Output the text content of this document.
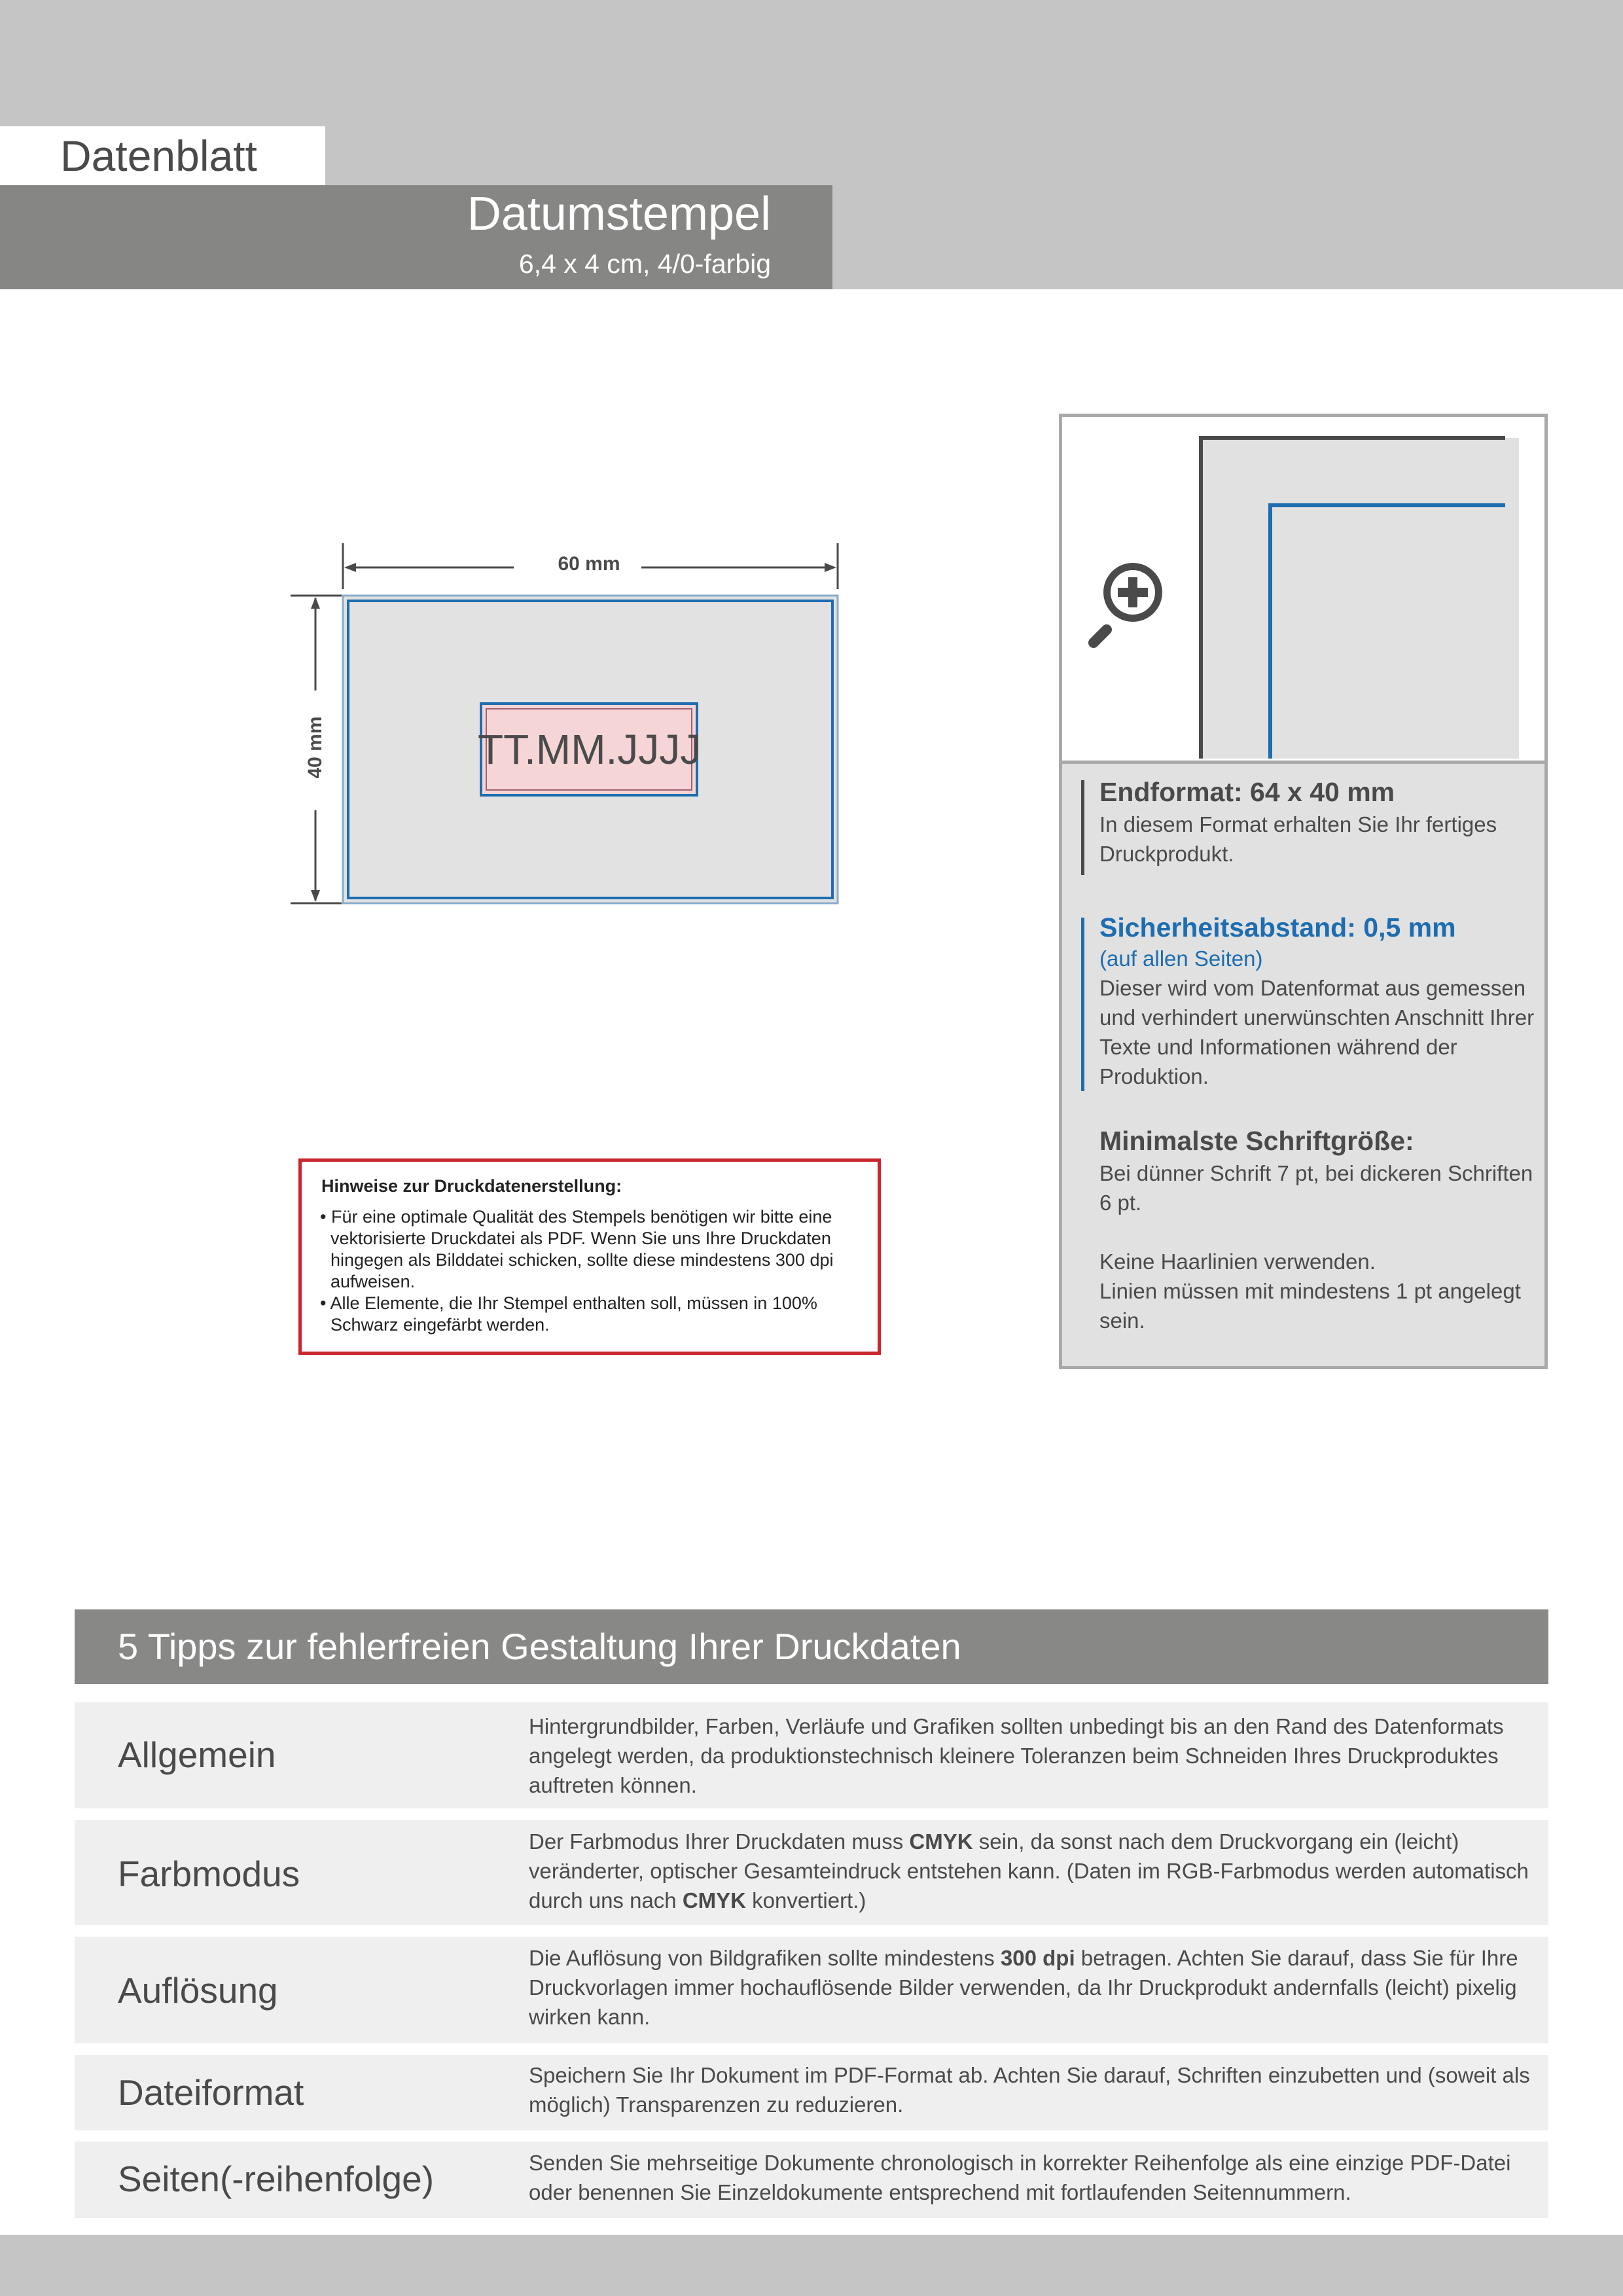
Datenblatt
Datumstempel
6,4 x 4 cm, 4/0-farbig
TT.MM.JJJJ
60 mm
40 mm
Hinweise zur Druckdatenerstellung:
• Für eine optimale Qualität des Stempels benötigen wir bitte eine vektorisierte Druckdatei als PDF. Wenn Sie uns Ihre Druckdaten hingegen als Bilddatei schicken, sollte diese mindestens 300 dpi aufweisen.
• Alle Elemente, die Ihr Stempel enthalten soll, müssen in 100% Schwarz eingefärbt werden.
Endformat: 64 x 40 mm
In diesem Format erhalten Sie Ihr fertiges Druckprodukt.
Sicherheitsabstand: 0,5 mm
(auf allen Seiten)
Dieser wird vom Datenformat aus gemessen und verhindert unerwünschten Anschnitt Ihrer Texte und Informationen während der Produktion.
Minimalste Schriftgröße:
Bei dünner Schrift 7 pt, bei dickeren Schriften 6 pt.
Keine Haarlinien verwenden.
Linien müssen mit mindestens 1 pt angelegt sein.
5 Tipps zur fehlerfreien Gestaltung Ihrer Druckdaten
Allgemein
Hintergrundbilder, Farben, Verläufe und Grafiken sollten unbedingt bis an den Rand des Datenformats angelegt werden, da produktionstechnisch kleinere Toleranzen beim Schneiden Ihres Druckproduktes auftreten können.
Farbmodus
Der Farbmodus Ihrer Druckdaten muss CMYK sein, da sonst nach dem Druckvorgang ein (leicht) veränderter, optischer Gesamteindruck entstehen kann. (Daten im RGB-Farbmodus werden automatisch durch uns nach CMYK konvertiert.)
Auflösung
Die Auflösung von Bildgrafiken sollte mindestens 300 dpi betragen. Achten Sie darauf, dass Sie für Ihre Druckvorlagen immer hochauflösende Bilder verwenden, da Ihr Druckprodukt andernfalls (leicht) pixelig wirken kann.
Dateiformat	Speichern Sie Ihr Dokument im PDF-Format ab. Achten Sie darauf, Schriften einzubetten und (soweit als möglich) Transparenzen zu reduzieren.
Seiten(-reihenfolge)	Senden Sie mehrseitige Dokumente chronologisch in korrekter Reihenfolge als eine einzige PDF-Datei oder benennen Sie Einzeldokumente entsprechend mit fortlaufenden Seitennummern.
